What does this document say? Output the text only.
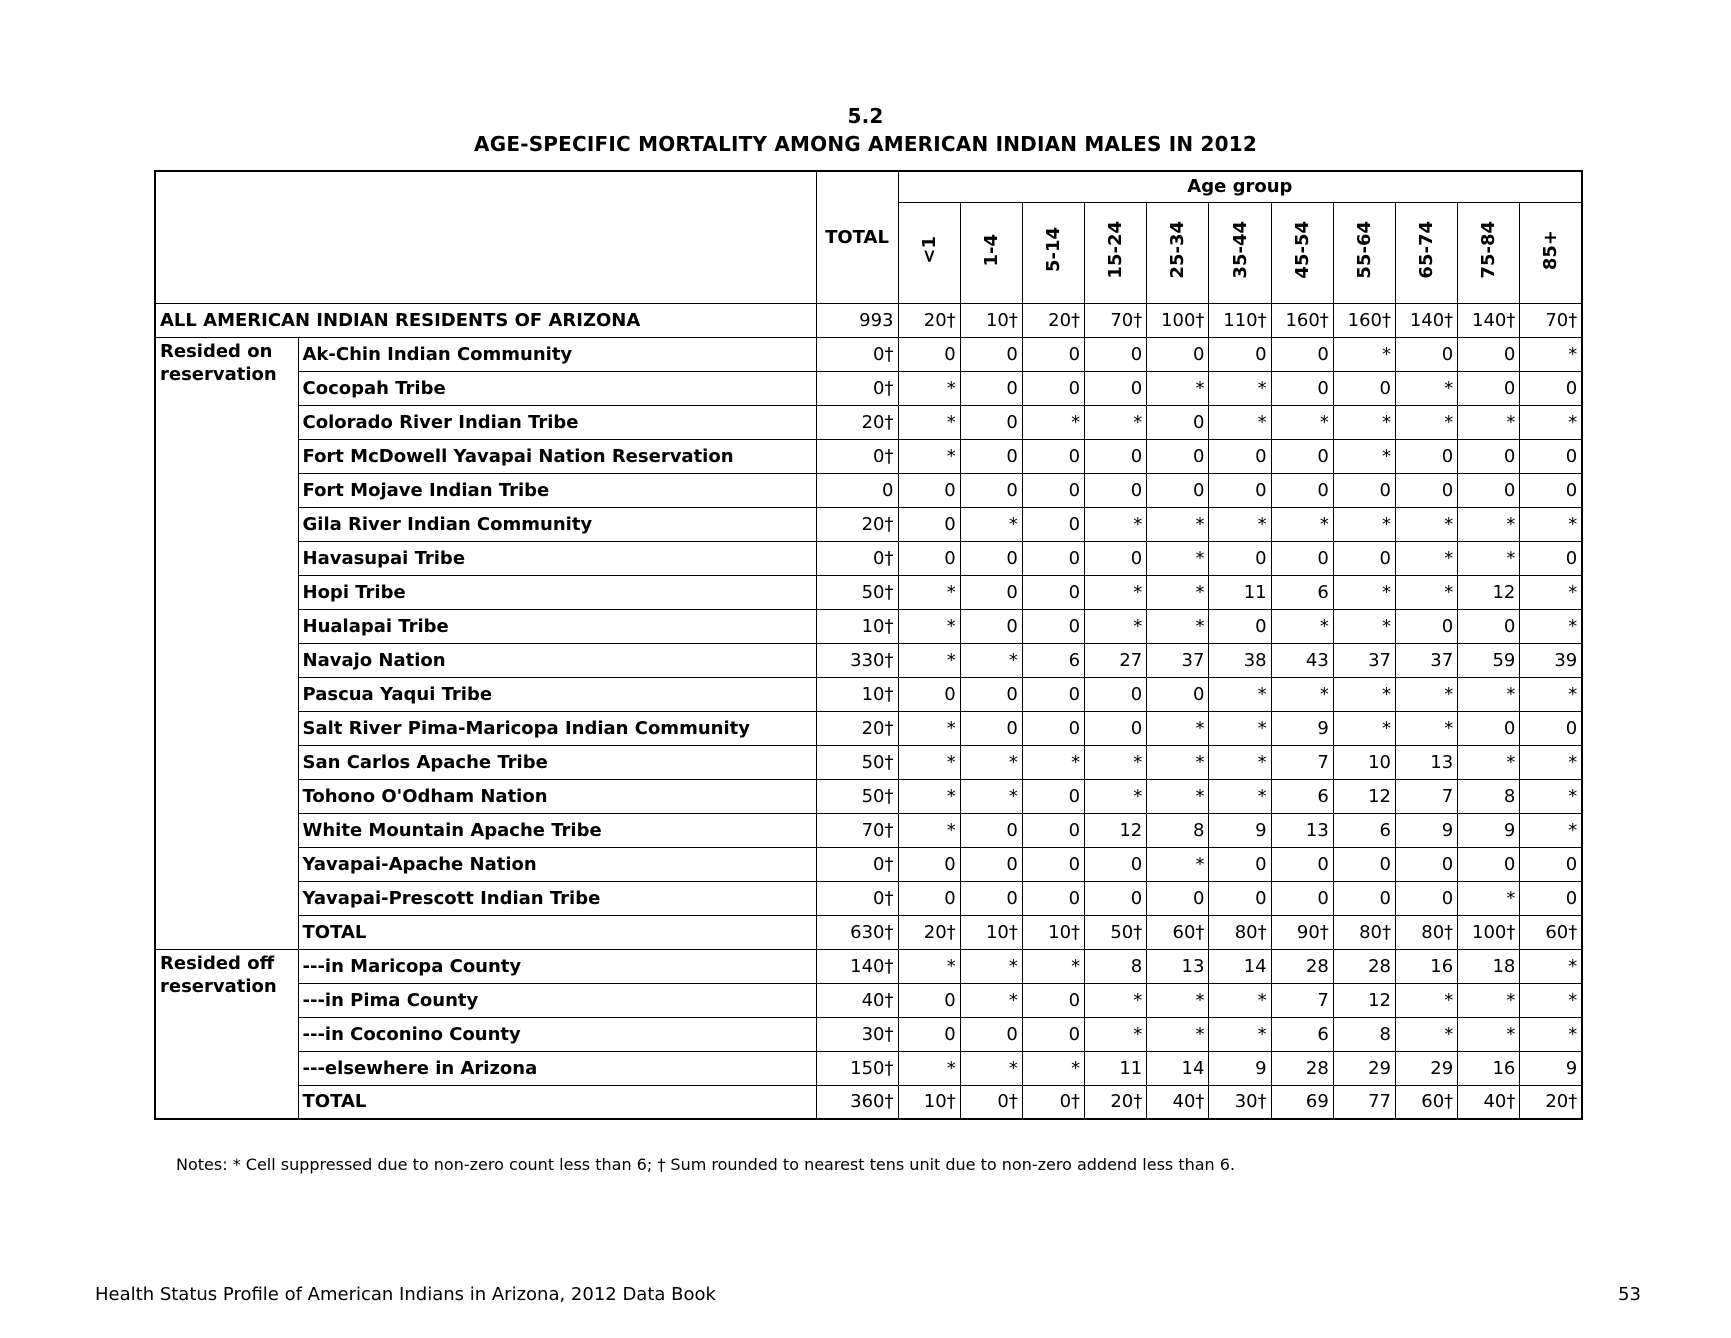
5.2
AGE-SPECIFIC MORTALITY AMONG AMERICAN INDIAN MALES IN 2012
		TOTAL	Age group										
			<1	1-4	5-14	15-24	25-34	35-44	45-54	55-64	65-74	75-84	85+
ALL AMERICAN INDIAN RESIDENTS OF ARIZONA		993	20†	10†	20†	70†	100†	110†	160†	160†	140†	140†	70†
Resided on reservation	Ak-Chin Indian Community	0†	0	0	0	0	0	0	0	*	0	0	*
	Cocopah Tribe	0†	*	0	0	0	*	*	0	0	*	0	0
	Colorado River Indian Tribe	20†	*	0	*	*	0	*	*	*	*	*	*
	Fort McDowell Yavapai Nation Reservation	0†	*	0	0	0	0	0	0	*	0	0	0
	Fort Mojave Indian Tribe	0	0	0	0	0	0	0	0	0	0	0	0
	Gila River Indian Community	20†	0	*	0	*	*	*	*	*	*	*	*
	Havasupai Tribe	0†	0	0	0	0	*	0	0	0	*	*	0
	Hopi Tribe	50†	*	0	0	*	*	11	6	*	*	12	*
	Hualapai Tribe	10†	*	0	0	*	*	0	*	*	0	0	*
	Navajo Nation	330†	*	*	6	27	37	38	43	37	37	59	39
	Pascua Yaqui Tribe	10†	0	0	0	0	0	*	*	*	*	*	*
	Salt River Pima-Maricopa Indian Community	20†	*	0	0	0	*	*	9	*	*	0	0
	San Carlos Apache Tribe	50†	*	*	*	*	*	*	7	10	13	*	*
	Tohono O'Odham Nation	50†	*	*	0	*	*	*	6	12	7	8	*
	White Mountain Apache Tribe	70†	*	0	0	12	8	9	13	6	9	9	*
	Yavapai-Apache Nation	0†	0	0	0	0	*	0	0	0	0	0	0
	Yavapai-Prescott Indian Tribe	0†	0	0	0	0	0	0	0	0	0	*	0
	TOTAL	630†	20†	10†	10†	50†	60†	80†	90†	80†	80†	100†	60†
Resided off reservation	---in Maricopa County	140†	*	*	*	8	13	14	28	28	16	18	*
	---in Pima County	40†	0	*	0	*	*	*	7	12	*	*	*
	---in Coconino County	30†	0	0	0	*	*	*	6	8	*	*	*
	---elsewhere in Arizona	150†	*	*	*	11	14	9	28	29	29	16	9
	TOTAL	360†	10†	0†	0†	20†	40†	30†	69	77	60†	40†	20†
Notes: * Cell suppressed due to non-zero count less than 6; † Sum rounded to nearest tens unit due to non-zero addend less than 6.
Health Status Profile of American Indians in Arizona, 2012 Data Book	53
